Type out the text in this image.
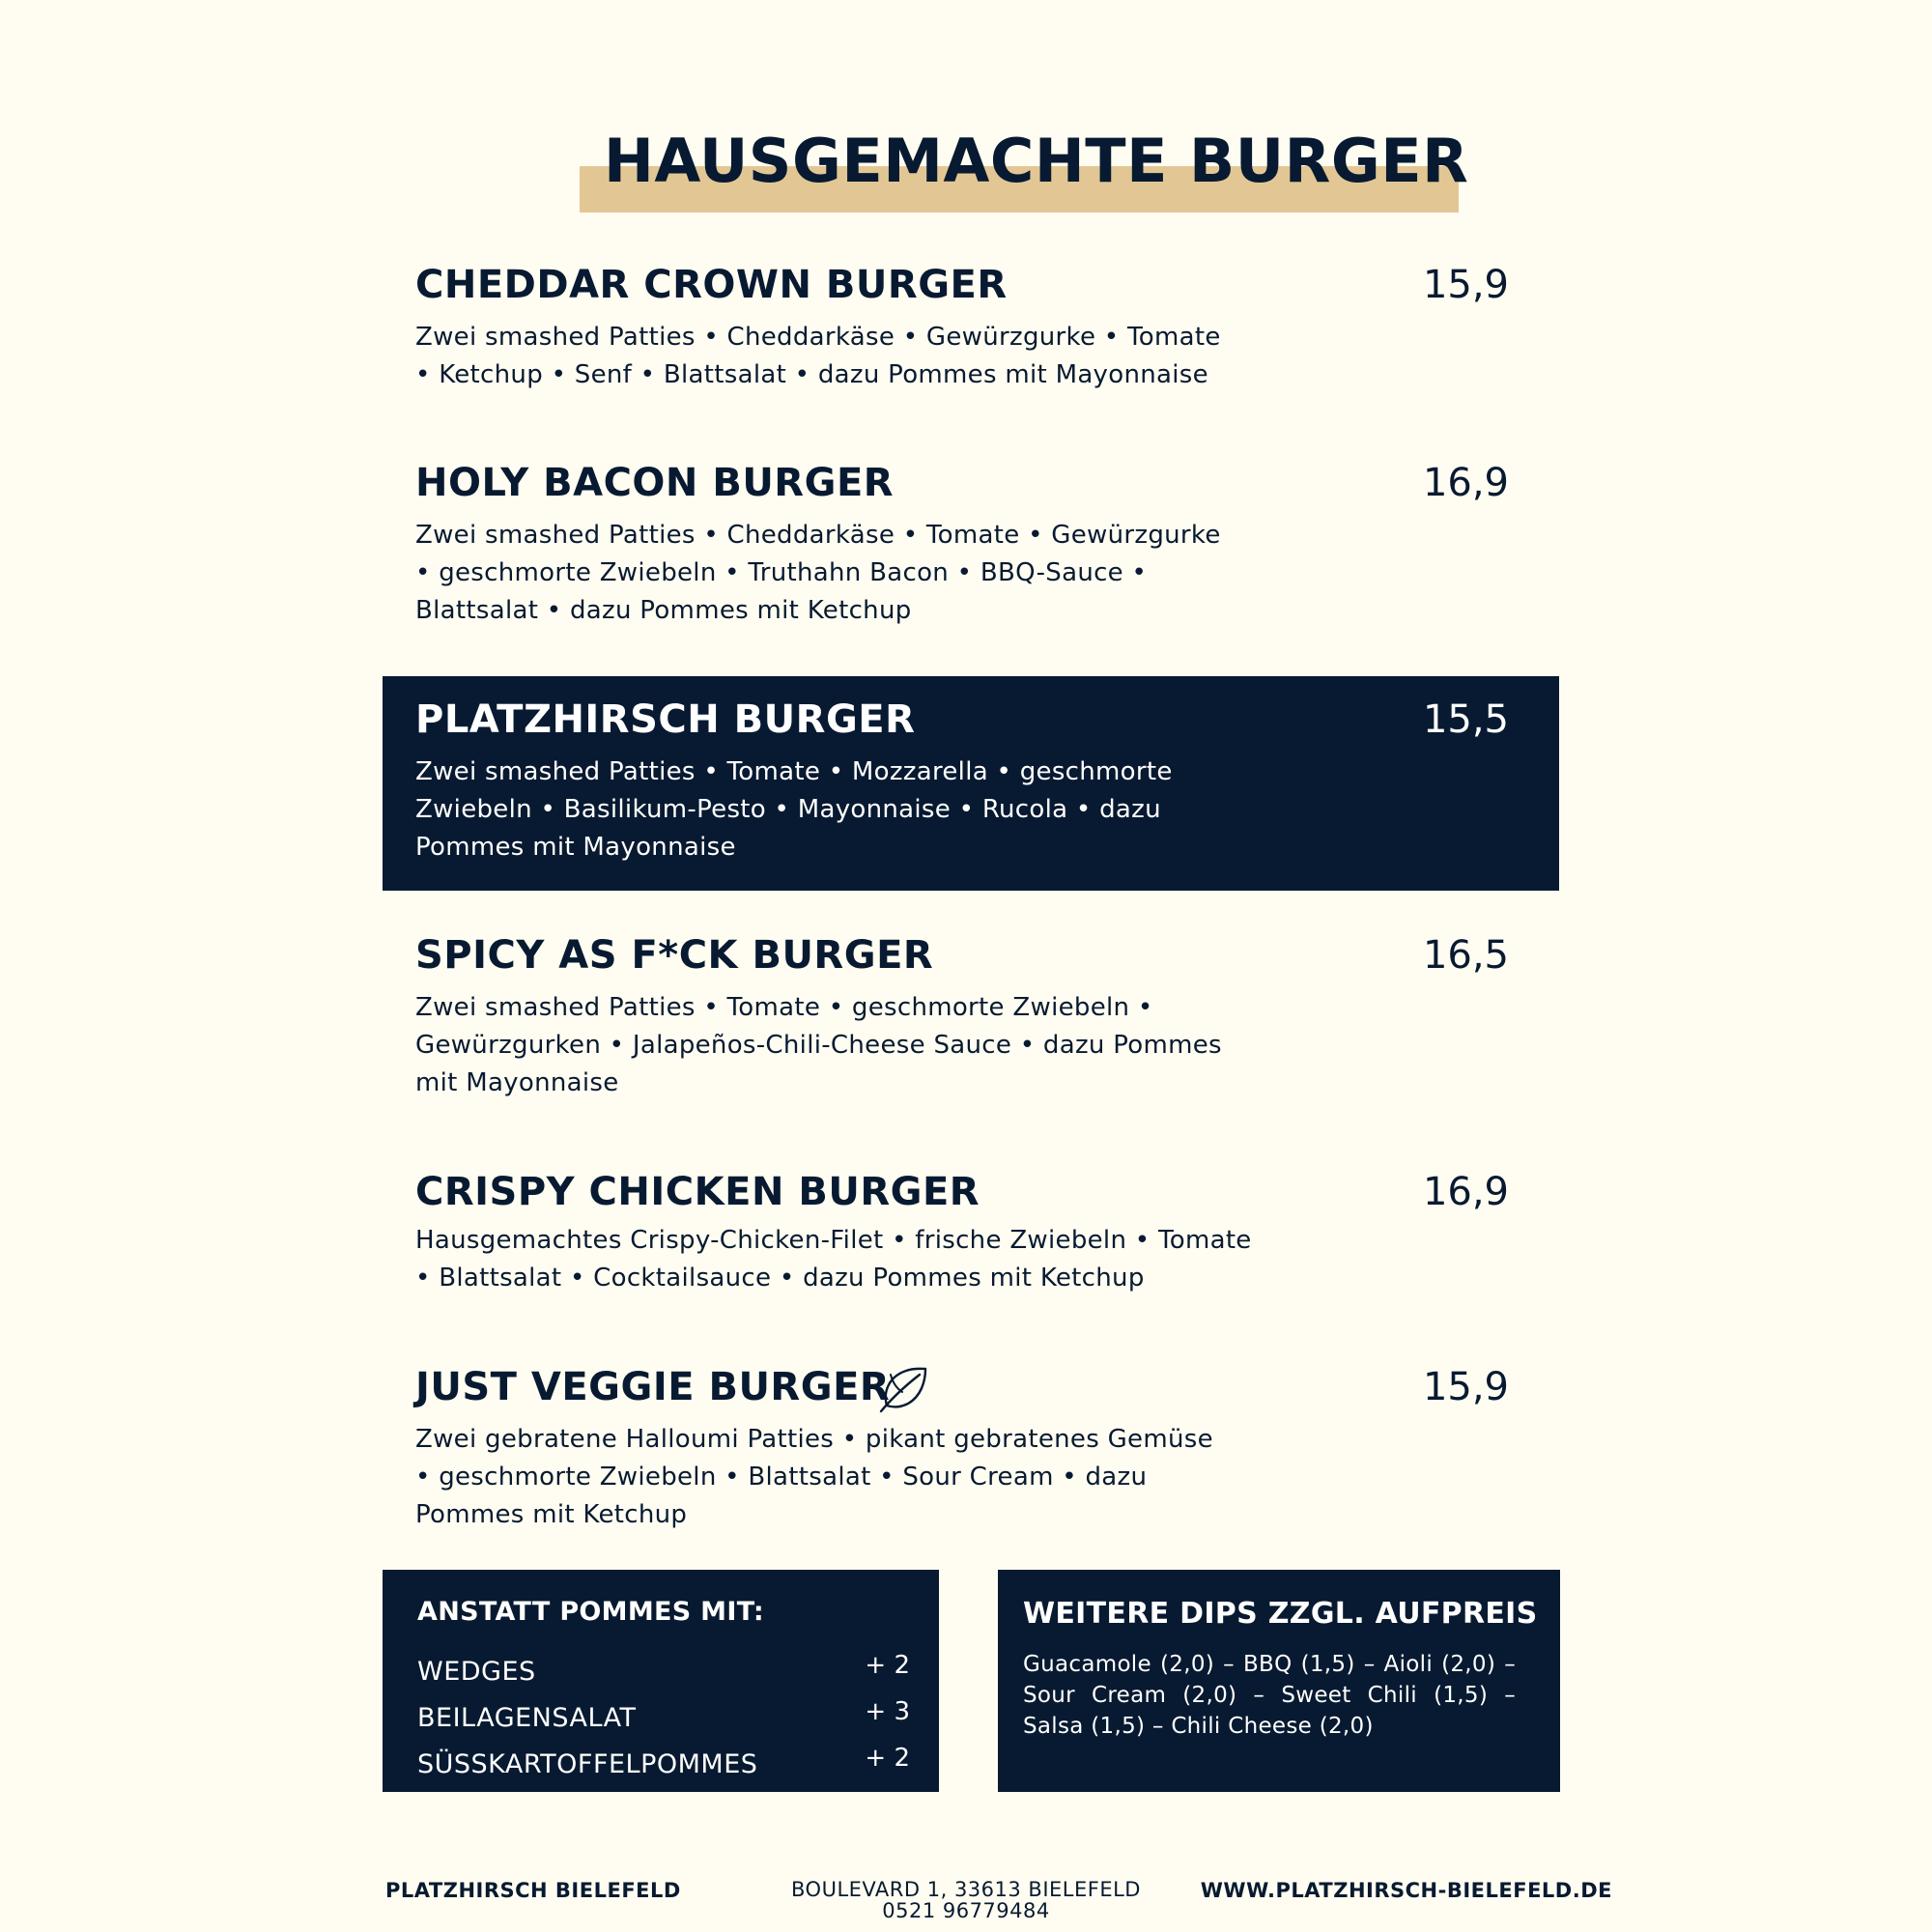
HAUSGEMACHTE BURGER
CHEDDAR CROWN BURGER	15,9
Zwei smashed Patties • Cheddarkäse • Gewürzgurke • Tomate • Ketchup • Senf • Blattsalat • dazu Pommes mit Mayonnaise
HOLY BACON BURGER	16,9
Zwei smashed Patties • Cheddarkäse • Tomate • Gewürzgurke • geschmorte Zwiebeln • Truthahn Bacon • BBQ-Sauce • Blattsalat • dazu Pommes mit Ketchup
PLATZHIRSCH BURGER	15,5
Zwei smashed Patties • Tomate • Mozzarella • geschmorte Zwiebeln • Basilikum-Pesto • Mayonnaise • Rucola • dazu Pommes mit Mayonnaise
SPICY AS F*CK BURGER	16,5
Zwei smashed Patties • Tomate • geschmorte Zwiebeln • Gewürzgurken • Jalapeños-Chili-Cheese Sauce • dazu Pommes mit Mayonnaise
CRISPY CHICKEN BURGER	16,9
Hausgemachtes Crispy-Chicken-Filet • frische Zwiebeln • Tomate • Blattsalat • Cocktailsauce • dazu Pommes mit Ketchup
JUST VEGGIE BURGER	15,9
Zwei gebratene Halloumi Patties • pikant gebratenes Gemüse • geschmorte Zwiebeln • Blattsalat • Sour Cream • dazu Pommes mit Ketchup
ANSTATT POMMES MIT:
WEDGES	+ 2
BEILAGENSALAT	+ 3
SÜSSKARTOFFELPOMMES	+ 2
WEITERE DIPS ZZGL. AUFPREIS
Guacamole (2,0) – BBQ (1,5) – Aioli (2,0) – Sour Cream (2,0) – Sweet Chili (1,5) – Salsa (1,5) – Chili Cheese (2,0)
PLATZHIRSCH BIELEFELD	BOULEVARD 1, 33613 BIELEFELD
0521 96779484
WWW.PLATZHIRSCH-BIELEFELD.DE
